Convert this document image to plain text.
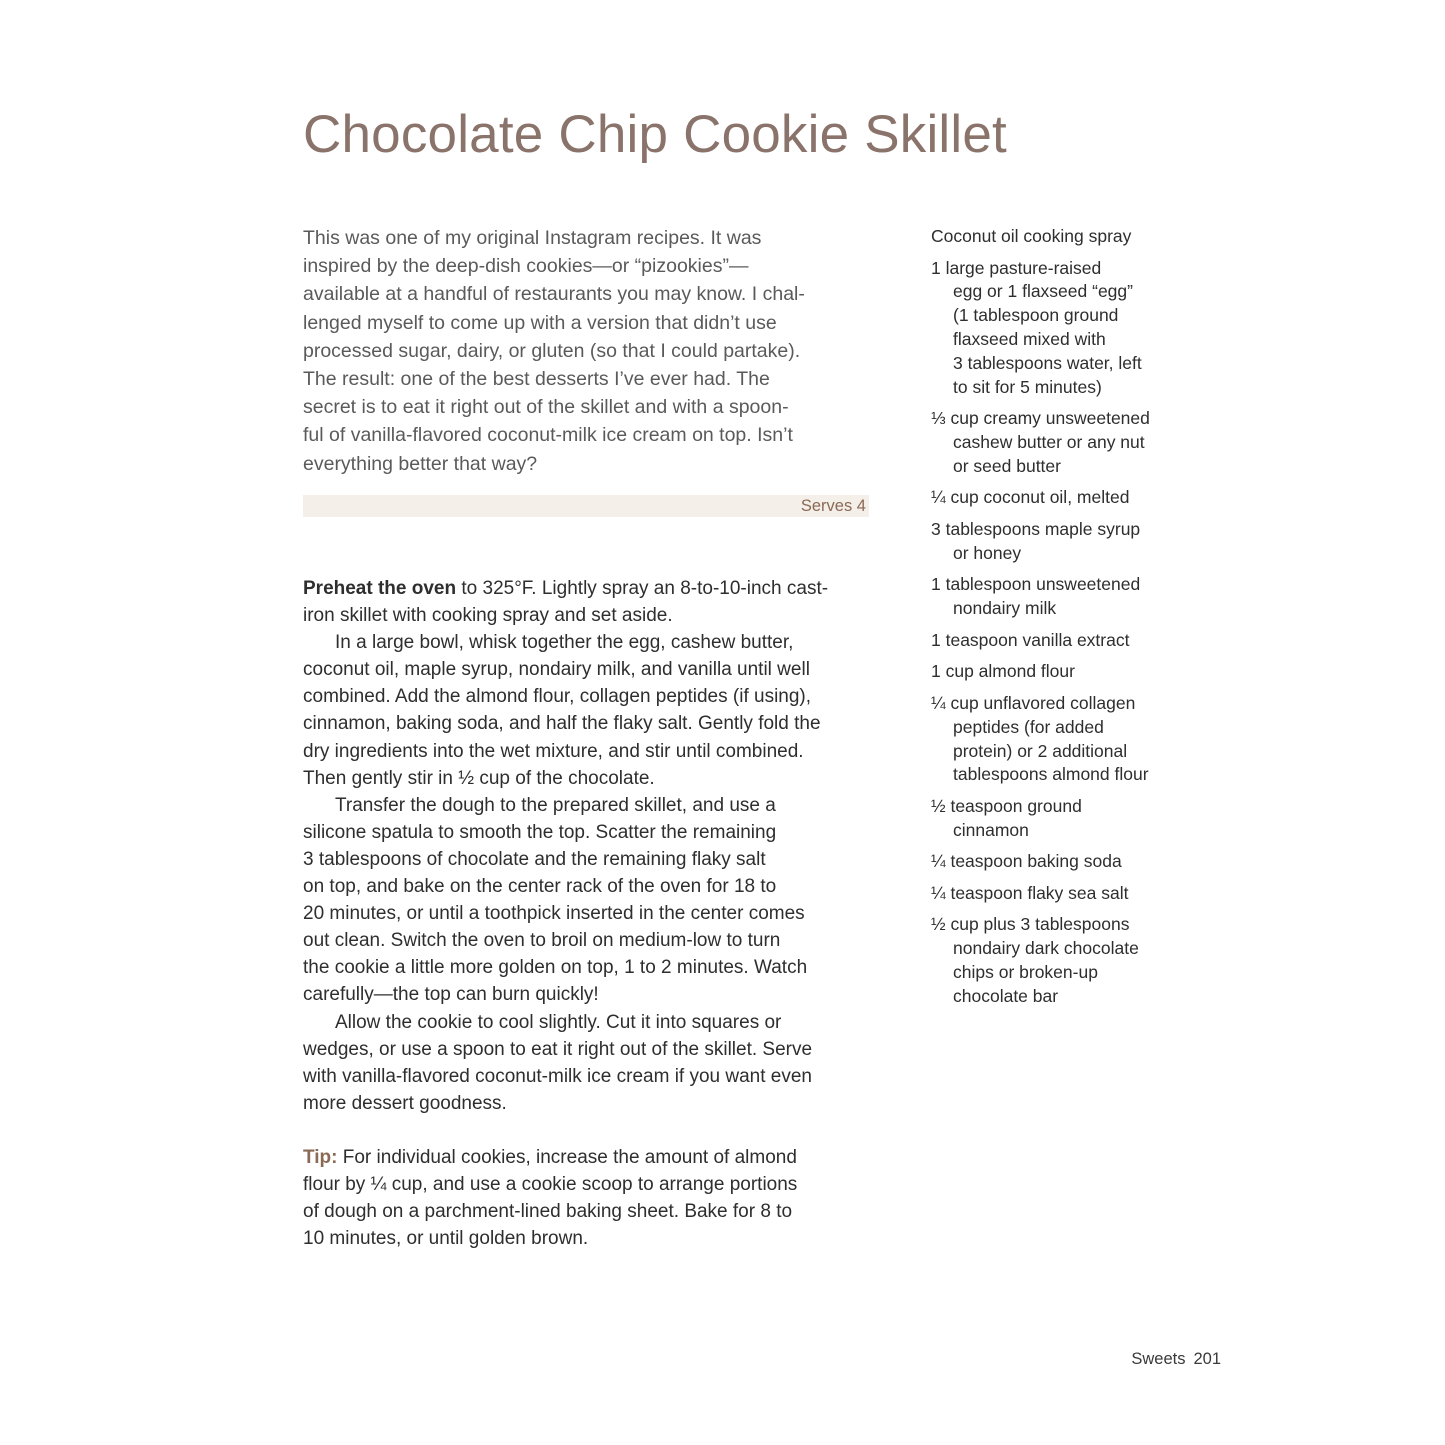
Chocolate Chip Cookie Skillet
This was one of my original Instagram recipes. It was
inspired by the deep-dish cookies—or “pizookies”—
available at a handful of restaurants you may know. I chal-
lenged myself to come up with a version that didn’t use
processed sugar, dairy, or gluten (so that I could partake).
The result: one of the best desserts I’ve ever had. The
secret is to eat it right out of the skillet and with a spoon-
ful of vanilla-flavored coconut-milk ice cream on top. Isn’t
everything better that way?
Serves 4
Preheat the oven to 325°F. Lightly spray an 8-to-10-inch cast-
iron skillet with cooking spray and set aside.
In a large bowl, whisk together the egg, cashew butter,
coconut oil, maple syrup, nondairy milk, and vanilla until well
combined. Add the almond flour, collagen peptides (if using),
cinnamon, baking soda, and half the flaky salt. Gently fold the
dry ingredients into the wet mixture, and stir until combined.
Then gently stir in ½ cup of the chocolate.
Transfer the dough to the prepared skillet, and use a
silicone spatula to smooth the top. Scatter the remaining
3 tablespoons of chocolate and the remaining flaky salt
on top, and bake on the center rack of the oven for 18 to
20 minutes, or until a toothpick inserted in the center comes
out clean. Switch the oven to broil on medium-low to turn
the cookie a little more golden on top, 1 to 2 minutes. Watch
carefully—the top can burn quickly!
Allow the cookie to cool slightly. Cut it into squares or
wedges, or use a spoon to eat it right out of the skillet. Serve
with vanilla-flavored coconut-milk ice cream if you want even
more dessert goodness.
Tip: For individual cookies, increase the amount of almond
flour by ¼ cup, and use a cookie scoop to arrange portions
of dough on a parchment-lined baking sheet. Bake for 8 to
10 minutes, or until golden brown.
Coconut oil cooking spray
1 large pasture-raised
egg or 1 flaxseed “egg”
(1 tablespoon ground
flaxseed mixed with
3 tablespoons water, left
to sit for 5 minutes)
⅓ cup creamy unsweetened
cashew butter or any nut
or seed butter
¼ cup coconut oil, melted
3 tablespoons maple syrup
or honey
1 tablespoon unsweetened
nondairy milk
1 teaspoon vanilla extract
1 cup almond flour
¼ cup unflavored collagen
peptides (for added
protein) or 2 additional
tablespoons almond flour
½ teaspoon ground
cinnamon
¼ teaspoon baking soda
¼ teaspoon flaky sea salt
½ cup plus 3 tablespoons
nondairy dark chocolate
chips or broken-up
chocolate bar
Sweets 201
